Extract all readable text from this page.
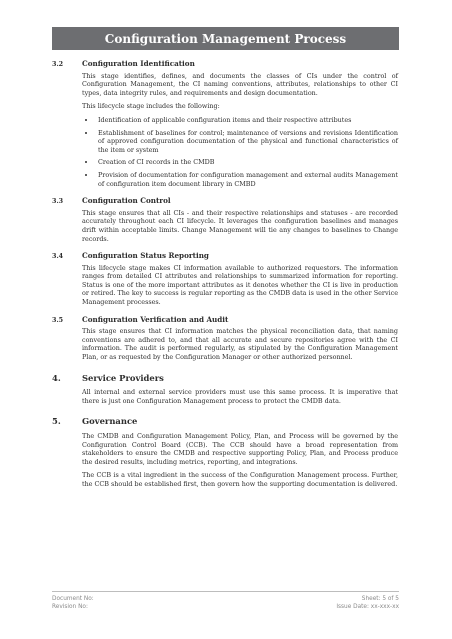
Configuration Management Process
3.2	Configuration Identification

This stage identifies, defines, and documents the classes of CIs under the control of Configuration Management, the CI naming conventions, attributes, relationships to other CI types, data integrity rules, and requirements and design documentation.

This lifecycle stage includes the following:

• Identification of applicable configuration items and their respective attributes
• Establishment of baselines for control; maintenance of versions and revisions Identification of approved configuration documentation of the physical and functional characteristics of the item or system
• Creation of CI records in the CMDB
• Provision of documentation for configuration management and external audits Management of configuration item document library in CMBD
3.3	Configuration Control

This stage ensures that all CIs - and their respective relationships and statuses - are recorded accurately throughout each CI lifecycle. It leverages the configuration baselines and manages drift within acceptable limits. Change Management will tie any changes to baselines to Change records.

3.4	Configuration Status Reporting

This lifecycle stage makes CI information available to authorized requestors. The information ranges from detailed CI attributes and relationships to summarized information for reporting. Status is one of the more important attributes as it denotes whether the CI is live in production or retired. The key to success is regular reporting as the CMDB data is used in the other Service Management processes.

3.5	Configuration Verification and Audit

This stage ensures that CI information matches the physical reconciliation data, that naming conventions are adhered to, and that all accurate and secure repositories agree with the CI information. The audit is performed regularly, as stipulated by the Configuration Management Plan, or as requested by the Configuration Manager or other authorized personnel.

4.	Service Providers

All internal and external service providers must use this same process. It is imperative that there is just one Configuration Management process to protect the CMDB data.

5.	Governance

The CMDB and Configuration Management Policy, Plan, and Process will be governed by the Configuration Control Board (CCB). The CCB should have a broad representation from stakeholders to ensure the CMDB and respective supporting Policy, Plan, and Process produce the desired results, including metrics, reporting, and integrations.

The CCB is a vital ingredient in the success of the Configuration Management process. Further, the CCB should be established first, then govern how the supporting documentation is delivered.

Document No:
Revision No:
Sheet: 5 of 5
Issue Date: xx-xxx-xx
